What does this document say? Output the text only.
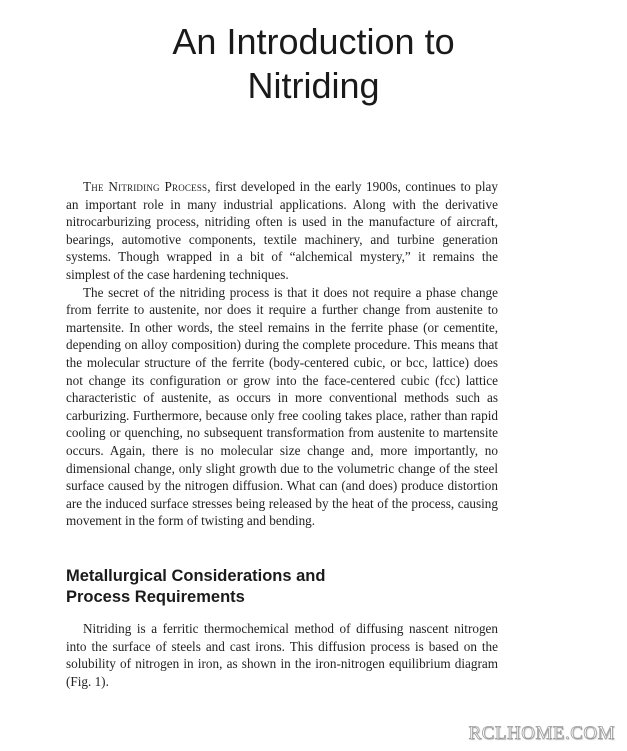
An Introduction to
Nitriding

The Nitriding Process, first developed in the early 1900s, continues to play an important role in many industrial applications. Along with the derivative nitrocarburizing process, nitriding often is used in the manufacture of aircraft, bearings, automotive components, textile machinery, and turbine generation systems. Though wrapped in a bit of “alchemical mystery,” it remains the simplest of the case hardening techniques.

The secret of the nitriding process is that it does not require a phase change from ferrite to austenite, nor does it require a further change from austenite to martensite. In other words, the steel remains in the ferrite phase (or cementite, depending on alloy composition) during the complete procedure. This means that the molecular structure of the ferrite (body-centered cubic, or bcc, lattice) does not change its configuration or grow into the face-centered cubic (fcc) lattice characteristic of austenite, as occurs in more conventional methods such as carburizing. Furthermore, because only free cooling takes place, rather than rapid cooling or quenching, no subsequent transformation from austenite to martensite occurs. Again, there is no molecular size change and, more importantly, no dimensional change, only slight growth due to the volumetric change of the steel surface caused by the nitrogen diffusion. What can (and does) produce distortion are the induced surface stresses being released by the heat of the process, causing movement in the form of twisting and bending.

Metallurgical Considerations and
Process Requirements

Nitriding is a ferritic thermochemical method of diffusing nascent nitrogen into the surface of steels and cast irons. This diffusion process is based on the solubility of nitrogen in iron, as shown in the iron-nitrogen equilibrium diagram (Fig. 1).

RCLHOME.COM
